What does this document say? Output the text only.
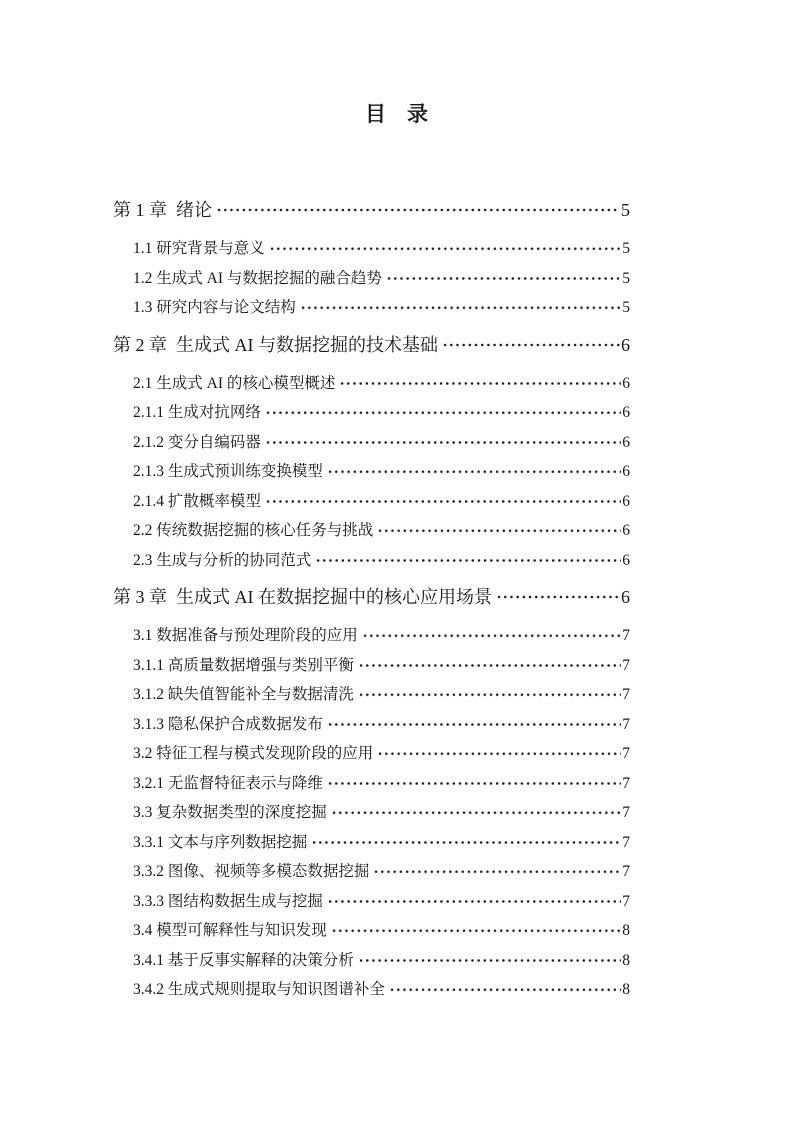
目　录
第 1 章  绪论	5
1.1 研究背景与意义	5
1.2 生成式 AI 与数据挖掘的融合趋势	5
1.3 研究内容与论文结构	5
第 2 章  生成式 AI 与数据挖掘的技术基础	6
2.1 生成式 AI 的核心模型概述	6
2.1.1 生成对抗网络	6
2.1.2 变分自编码器	6
2.1.3 生成式预训练变换模型	6
2.1.4 扩散概率模型	6
2.2 传统数据挖掘的核心任务与挑战	6
2.3 生成与分析的协同范式	6
第 3 章  生成式 AI 在数据挖掘中的核心应用场景	6
3.1 数据准备与预处理阶段的应用	7
3.1.1 高质量数据增强与类别平衡	7
3.1.2 缺失值智能补全与数据清洗	7
3.1.3 隐私保护合成数据发布	7
3.2 特征工程与模式发现阶段的应用	7
3.2.1 无监督特征表示与降维	7
3.3 复杂数据类型的深度挖掘	7
3.3.1 文本与序列数据挖掘	7
3.3.2 图像、视频等多模态数据挖掘	7
3.3.3 图结构数据生成与挖掘	7
3.4 模型可解释性与知识发现	8
3.4.1 基于反事实解释的决策分析	8
3.4.2 生成式规则提取与知识图谱补全	8
